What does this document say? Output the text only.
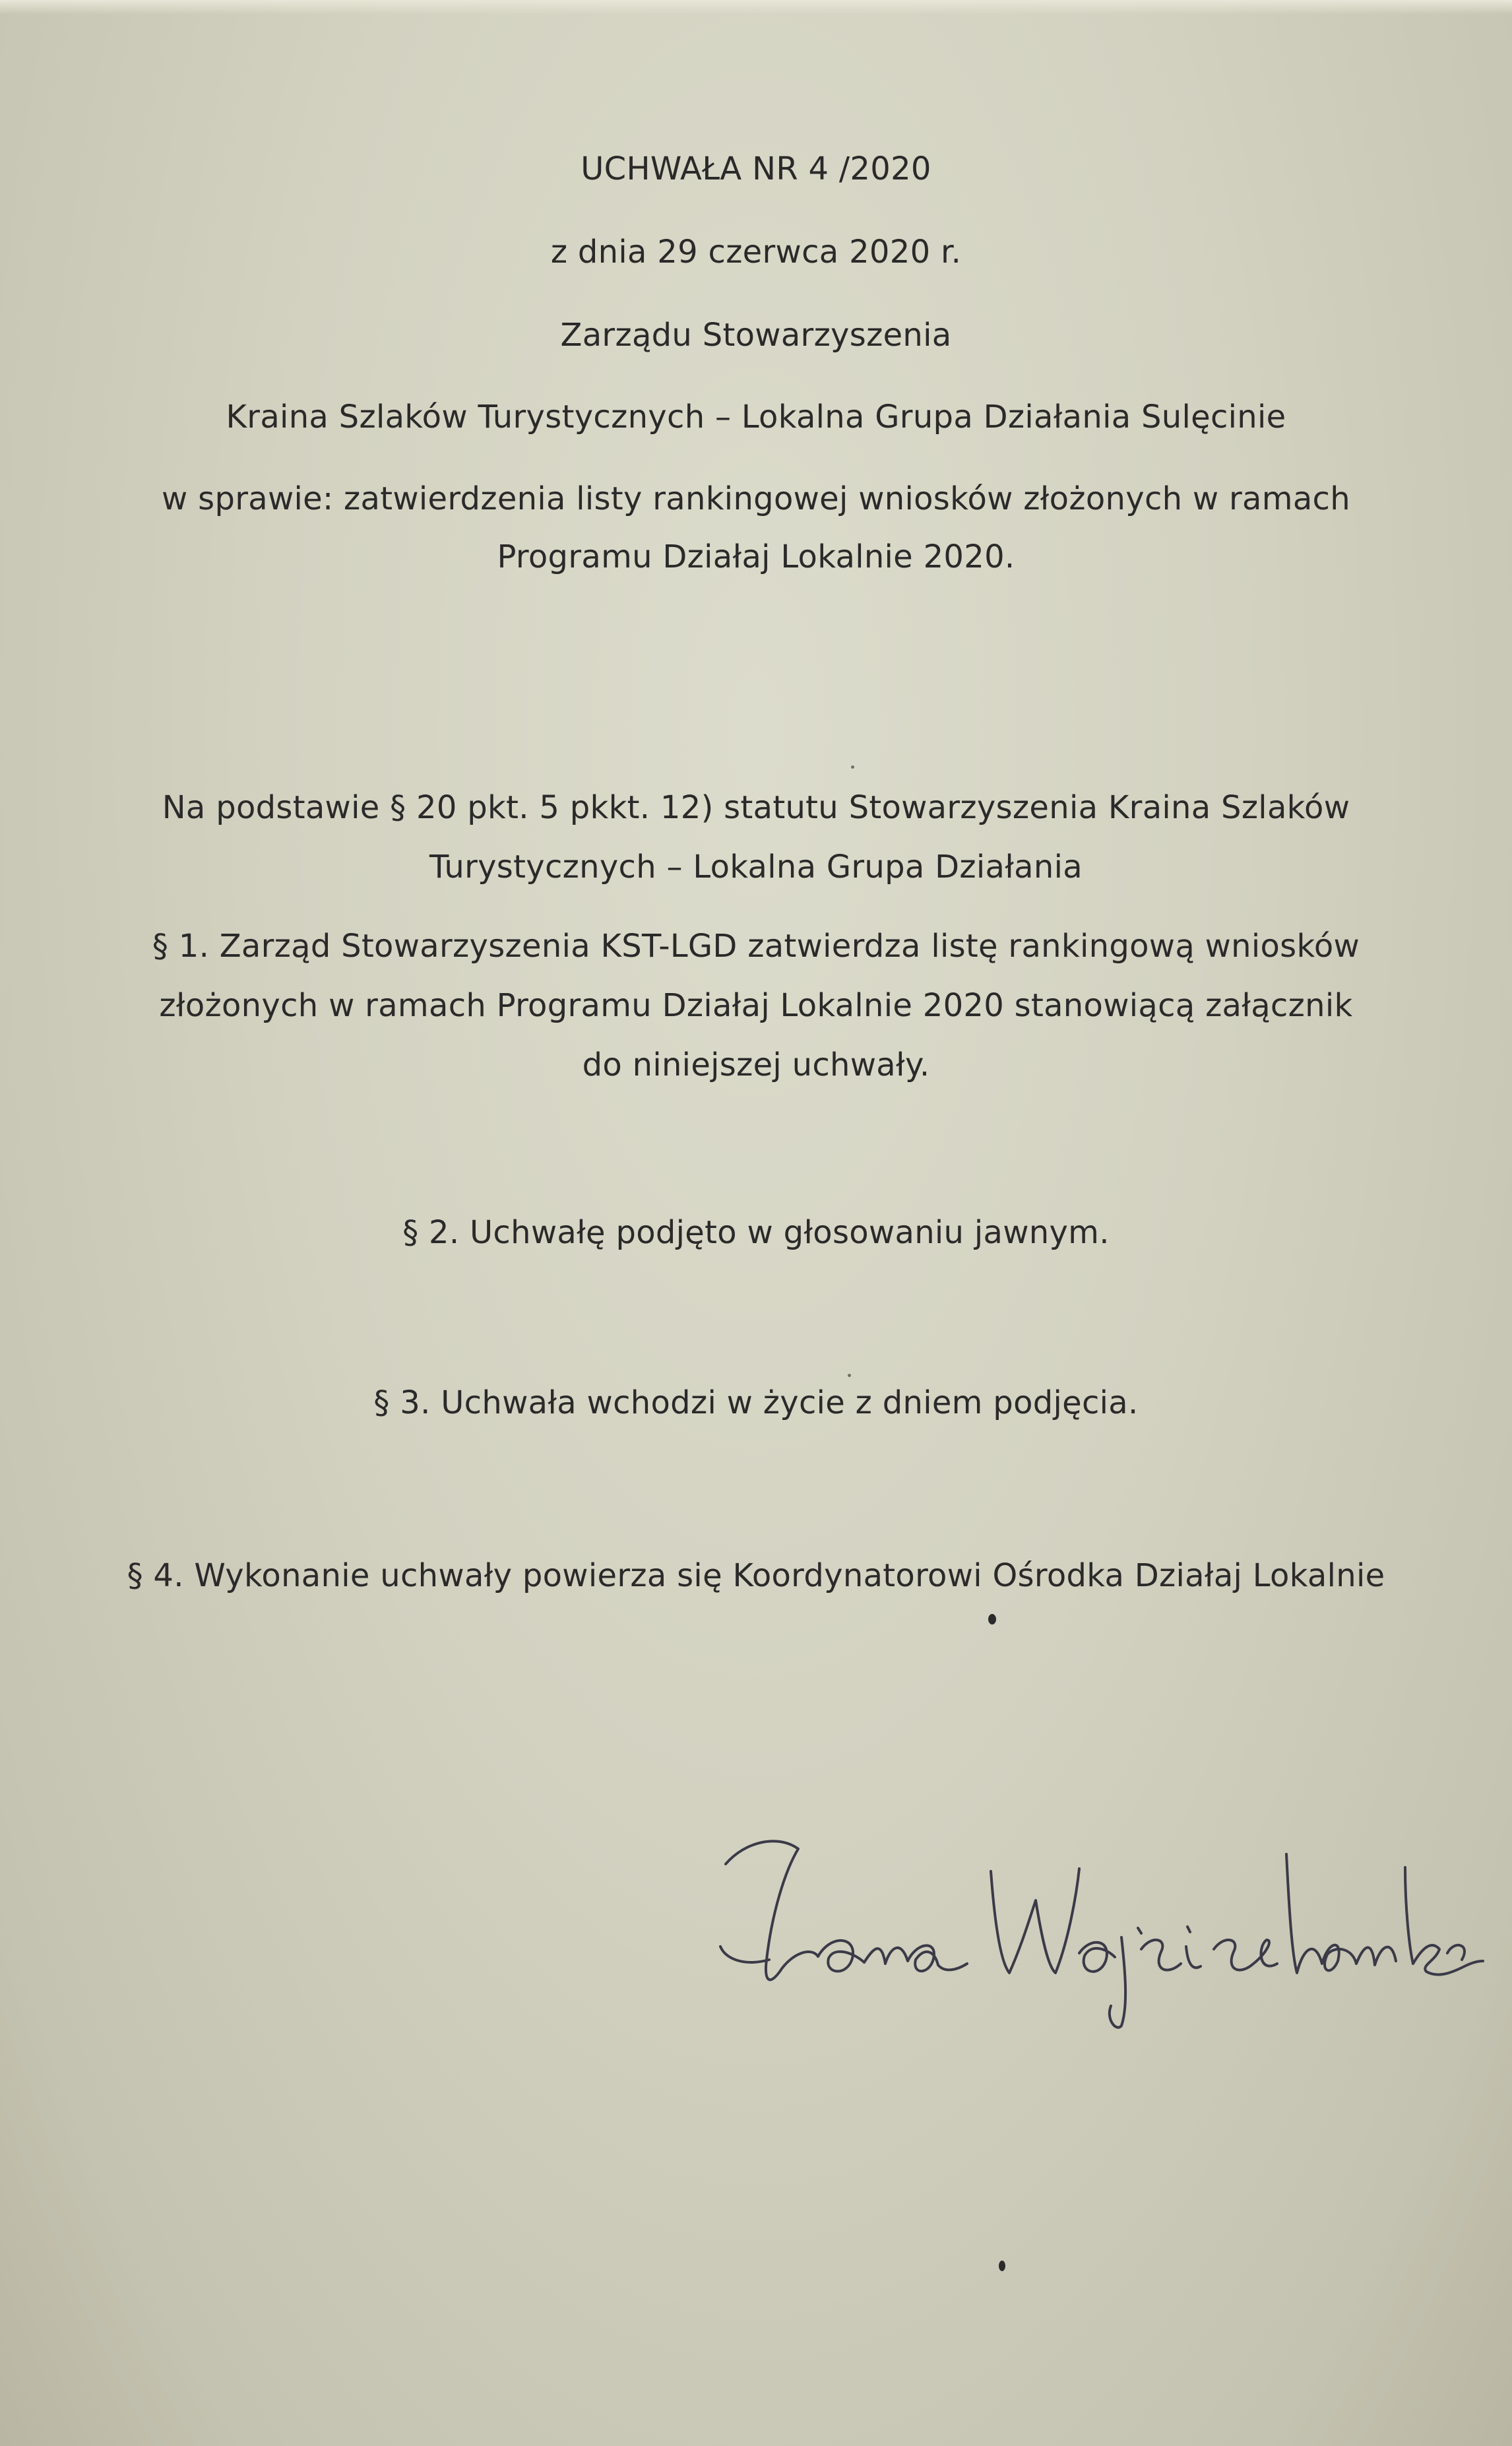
UCHWAŁA NR 4 /2020
z dnia 29 czerwca 2020 r.
Zarządu Stowarzyszenia
Kraina Szlaków Turystycznych – Lokalna Grupa Działania Sulęcinie
w sprawie: zatwierdzenia listy rankingowej wniosków złożonych w ramach
Programu Działaj Lokalnie 2020.
Na podstawie § 20 pkt. 5 pkkt. 12) statutu Stowarzyszenia Kraina Szlaków
Turystycznych – Lokalna Grupa Działania
§ 1. Zarząd Stowarzyszenia KST-LGD zatwierdza listę rankingową wniosków
złożonych w ramach Programu Działaj Lokalnie 2020 stanowiącą załącznik
do niniejszej uchwały.
§ 2. Uchwałę podjęto w głosowaniu jawnym.
§ 3. Uchwała wchodzi w życie z dniem podjęcia.
§ 4. Wykonanie uchwały powierza się Koordynatorowi Ośrodka Działaj Lokalnie
